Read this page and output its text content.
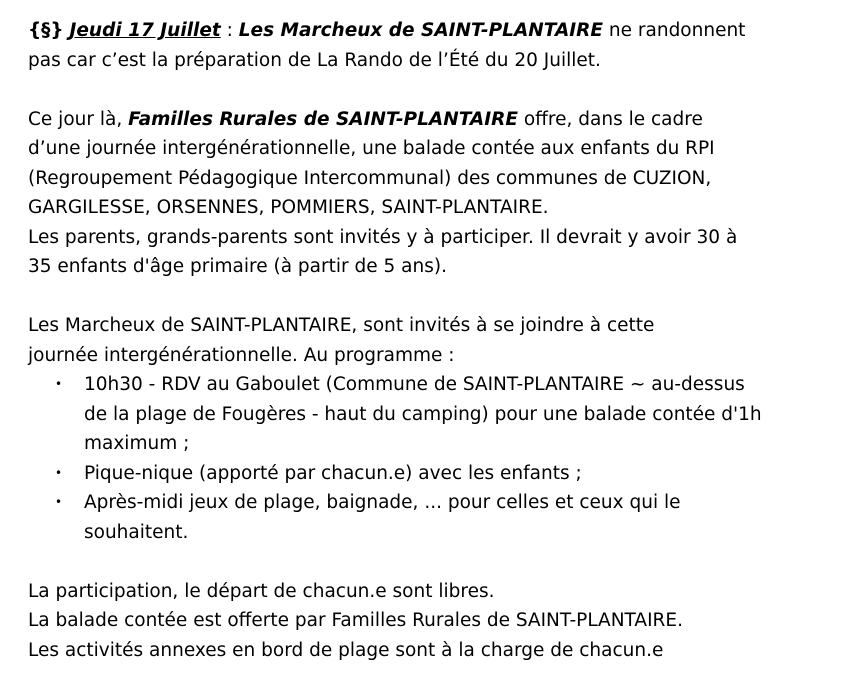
{§} Jeudi 17 Juillet : Les Marcheux de SAINT-PLANTAIRE ne randonnent

pas car c’est la préparation de La Rando de l’Été du 20 Juillet.

Ce jour là, Familles Rurales de SAINT-PLANTAIRE offre, dans le cadre

d’une journée intergénérationnelle, une balade contée aux enfants du RPI

(Regroupement Pédagogique Intercommunal) des communes de CUZION,

GARGILESSE, ORSENNES, POMMIERS, SAINT-PLANTAIRE.

Les parents, grands-parents sont invités y à participer. Il devrait y avoir 30 à

35 enfants d'âge primaire (à partir de 5 ans).

Les Marcheux de SAINT-PLANTAIRE, sont invités à se joindre à cette

journée intergénérationnelle. Au programme :

• 10h30 - RDV au Gaboulet (Commune de SAINT-PLANTAIRE ~ au-dessus
de la plage de Fougères - haut du camping) pour une balade contée d'1h
maximum ;
• Pique-nique (apporté par chacun.e) avec les enfants ;
• Après-midi jeux de plage, baignade, ... pour celles et ceux qui le
souhaitent.

La participation, le départ de chacun.e sont libres.

La balade contée est offerte par Familles Rurales de SAINT-PLANTAIRE.

Les activités annexes en bord de plage sont à la charge de chacun.e
